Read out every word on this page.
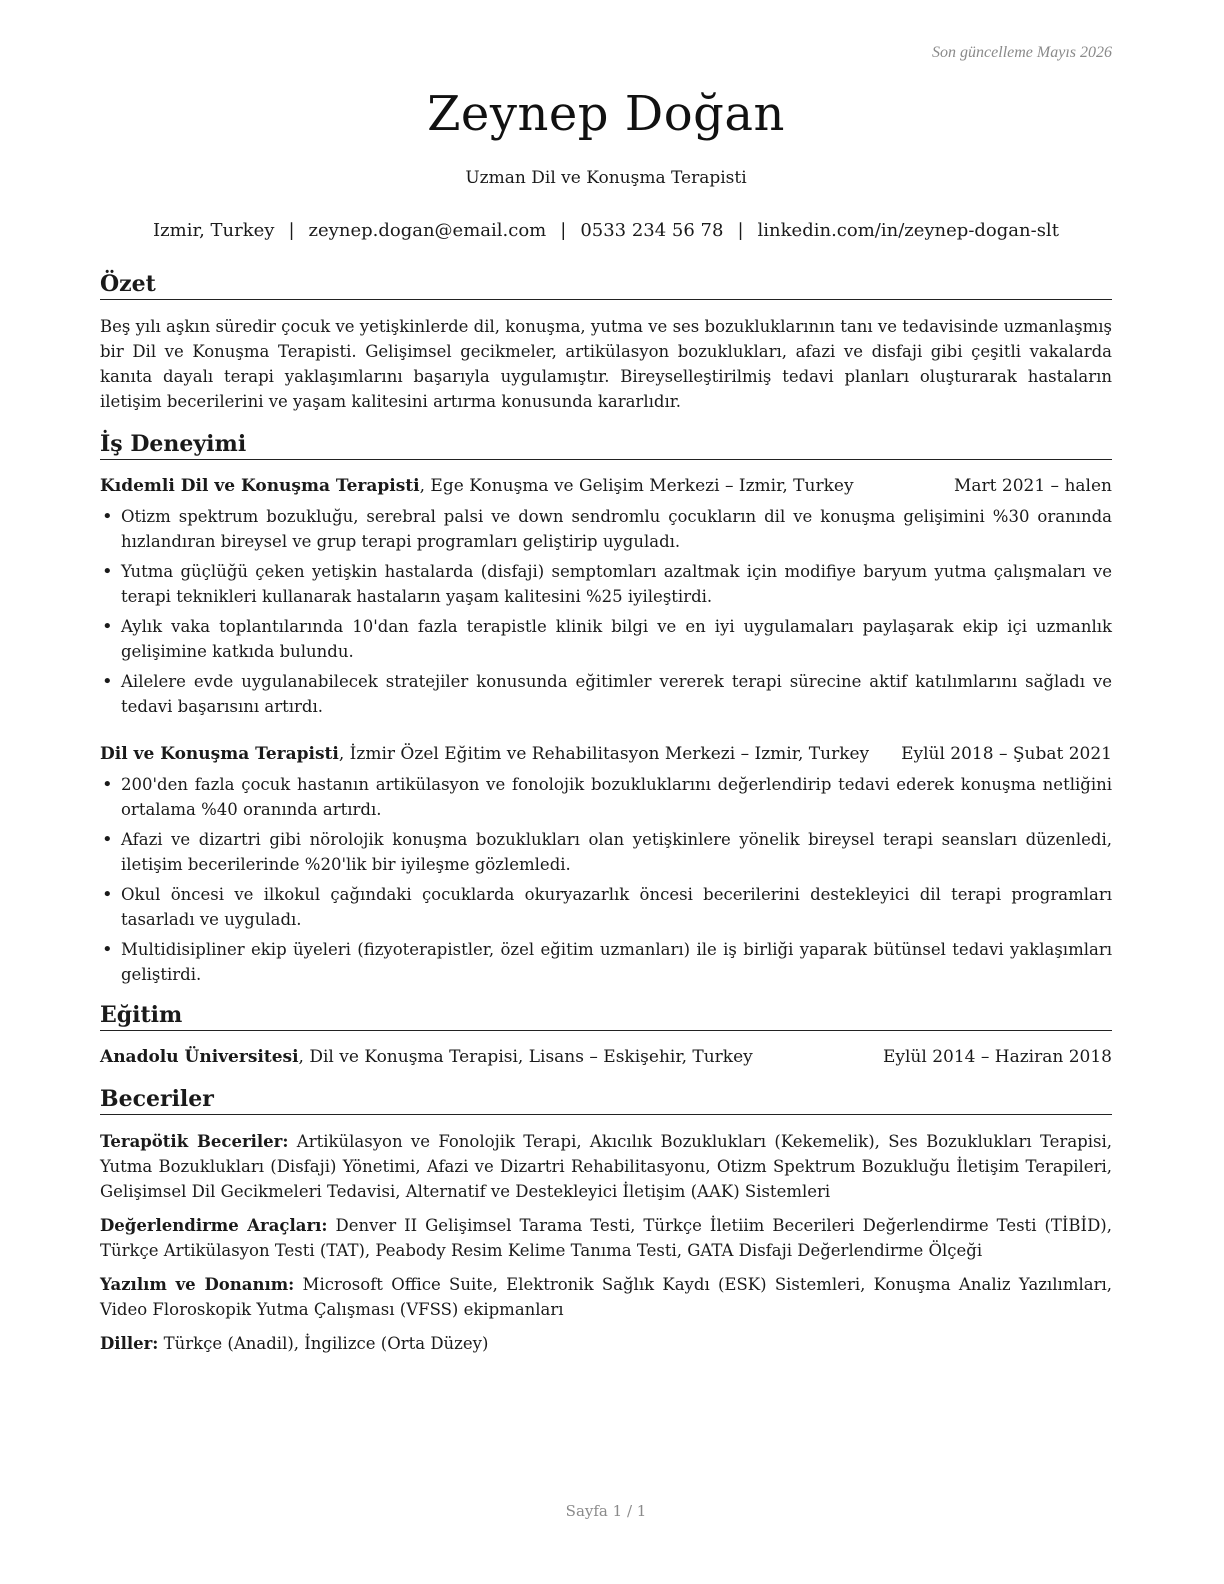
Son güncelleme Mayıs 2026
Zeynep Doğan
Uzman Dil ve Konuşma Terapisti
Izmir, Turkey | zeynep.dogan@email.com | 0533 234 56 78 | linkedin.com/in/zeynep-dogan-slt
Özet
Beş yılı aşkın süredir çocuk ve yetişkinlerde dil, konuşma, yutma ve ses bozukluklarının tanı ve tedavisinde uzmanlaşmış bir Dil ve Konuşma Terapisti. Gelişimsel gecikmeler, artikülasyon bozuklukları, afazi ve disfaji gibi çeşitli vakalarda kanıta dayalı terapi yaklaşımlarını başarıyla uygulamıştır. Bireyselleştirilmiş tedavi planları oluşturarak hastaların iletişim becerilerini ve yaşam kalitesini artırma konusunda kararlıdır.
İş Deneyimi
Kıdemli Dil ve Konuşma Terapisti, Ege Konuşma ve Gelişim Merkezi – Izmir, Turkey	Mart 2021 – halen
• Otizm spektrum bozukluğu, serebral palsi ve down sendromlu çocukların dil ve konuşma gelişimini %30 oranında hızlandıran bireysel ve grup terapi programları geliştirip uyguladı.
• Yutma güçlüğü çeken yetişkin hastalarda (disfaji) semptomları azaltmak için modifiye baryum yutma çalışmaları ve terapi teknikleri kullanarak hastaların yaşam kalitesini %25 iyileştirdi.
• Aylık vaka toplantılarında 10'dan fazla terapistle klinik bilgi ve en iyi uygulamaları paylaşarak ekip içi uzmanlık gelişimine katkıda bulundu.
• Ailelere evde uygulanabilecek stratejiler konusunda eğitimler vererek terapi sürecine aktif katılımlarını sağladı ve tedavi başarısını artırdı.
Dil ve Konuşma Terapisti, İzmir Özel Eğitim ve Rehabilitasyon Merkezi – Izmir, Turkey Eylül 2018 – Şubat 2021
• 200'den fazla çocuk hastanın artikülasyon ve fonolojik bozukluklarını değerlendirip tedavi ederek konuşma netliğini ortalama %40 oranında artırdı.
• Afazi ve dizartri gibi nörolojik konuşma bozuklukları olan yetişkinlere yönelik bireysel terapi seansları düzenledi, iletişim becerilerinde %20'lik bir iyileşme gözlemledi.
• Okul öncesi ve ilkokul çağındaki çocuklarda okuryazarlık öncesi becerilerini destekleyici dil terapi programları tasarladı ve uyguladı.
• Multidisipliner ekip üyeleri (fizyoterapistler, özel eğitim uzmanları) ile iş birliği yaparak bütünsel tedavi yaklaşımları geliştirdi.
Eğitim
Anadolu Üniversitesi, Dil ve Konuşma Terapisi, Lisans – Eskişehir, Turkey	Eylül 2014 – Haziran 2018
Beceriler
Terapötik Beceriler: Artikülasyon ve Fonolojik Terapi, Akıcılık Bozuklukları (Kekemelik), Ses Bozuklukları Terapisi, Yutma Bozuklukları (Disfaji) Yönetimi, Afazi ve Dizartri Rehabilitasyonu, Otizm Spektrum Bozukluğu İletişim Terapileri, Gelişimsel Dil Gecikmeleri Tedavisi, Alternatif ve Destekleyici İletişim (AAK) Sistemleri
Değerlendirme Araçları: Denver II Gelişimsel Tarama Testi, Türkçe İletiim Becerileri Değerlendirme Testi (TİBİD), Türkçe Artikülasyon Testi (TAT), Peabody Resim Kelime Tanıma Testi, GATA Disfaji Değerlendirme Ölçeği
Yazılım ve Donanım: Microsoft Office Suite, Elektronik Sağlık Kaydı (ESK) Sistemleri, Konuşma Analiz Yazılımları, Video Floroskopik Yutma Çalışması (VFSS) ekipmanları
Diller: Türkçe (Anadil), İngilizce (Orta Düzey)
Sayfa 1 / 1
